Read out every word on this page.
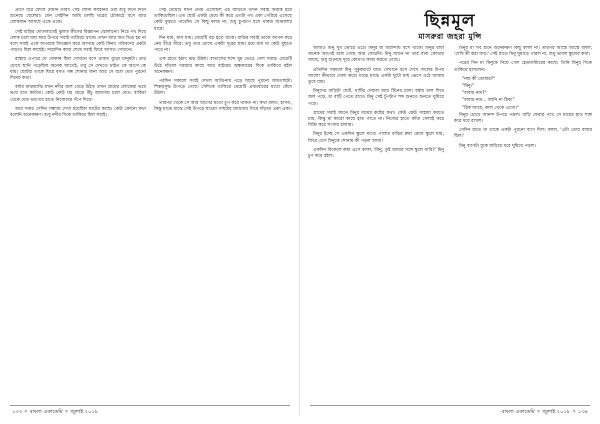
প্রাণে ধরে ফেলে দেয়নি তারা। সেই শোনা কাহিনির ওরা শুধু দিনে দিনে শুনেছে ছেলেরা। যেন সেইদিন আমি চলছি ঘরের চৌকাঠে বসে আর লোকজন আসছে একে একে।

সেই বাড়ির দোতলাতেই ঝুলত কীসের বিজ্ঞাপন ঝোলানো। নিচে পথ দিয়ে লোক চলে যায় আর উপরে সবাই তাকিয়ে থাকে। তখন আর অত ভিড় হয় না বলে সবাই একে অপরকে জিজ্ঞেস করে আসছে কেউ কিনা। গরিবদের একটা পাড়াও ছিল কাছেই। সারাদিন কাজ শেষে সবাই ফিরে আসত সেখানে।

রাস্তার ওপারে যে দোকান ছিল সেখানে বসে থাকত বুড়ো মানুষটা। তার চোখে ছানি পড়েছিল অনেক আগেই, তবু সে দেখতে চাইত কে আসে কে যায়। ছোটরা তাকে ঘিরে বসত গল্প শোনার জন্য আর সে বলে যেত পুরনো দিনের কথা।

বর্ষার মাঝামাঝি যখন নদীর জল বেড়ে উঠত তখন গ্রামের লোকেরা ভয়ে ভয়ে রাত কাটাত। কেউ কেউ ঘর ছেড়ে উঁচু জায়গায় চলে যেত। বাকিরা থেকে যেত ভাগ্যের হাতে নিজেদের সঁপে দিয়ে।

আর সবার সেদিন সন্ধ্যায় দেখা হয়েছিল ঘাটের কাছে। কেউ কোনো কথা বলেনি অনেকক্ষণ। শুধু নদীর দিকে তাকিয়ে ছিল সবাই।

সেই মেয়েটি যখন প্রথম এসেছিল এই বাড়িতে তখন সবাই অবাক হয়ে তাকিয়েছিল। এত ছোট একটা মেয়ে কী করে এতটা পথ একা পেরিয়ে এসেছে কেউ বুঝতে পারেনি। সে কিছু বলত না, শুধু চুপচাপ বসে থাকত জানালার ধারে।

দিন যায়, মাস যায়। মেয়েটি বড় হতে থাকে। বাড়ির সবাই তাকে আপন করে নেয় ধীরে ধীরে। তবু তার চোখে একটা দূরের ছায়া রয়ে যায় যা কেউ মুছতে পারে না।

এক রাতে হঠাৎ ঝড় উঠল। বাতাসের শব্দে ঘুম ভেঙে গেল সবার। মেয়েটি উঠে দাঁড়াল দরজার কাছে আর বাইরের অন্ধকারের দিকে তাকিয়ে রইল অনেকক্ষণ।

পরদিন সকালে সবাই দেখল আঙিনায় পড়ে আছে পুরনো আমগাছটা। শিকড়সুদ্ধ উপড়ে গেছে। সেদিকে তাকিয়ে মেয়েটি প্রথমবারের মতো কেঁদে উঠল।

তারপর থেকে সে আর আগের মতো চুপ করে থাকত না। কথা বলত, হাসত, কিন্তু মাঝে মাঝে সেই উপড়ে যাওয়া গাছটার জায়গায় গিয়ে দাঁড়াত একা একা।

১৩৩ ✧ বাংলা একাডেমি ✧ জুলাই ২০১৮
ছিন্নমূল
মাসরুরা জহরা মুন্সি

আজও মিনু খুব ভোরে ওঠে। মিনুর মা বারান্দায় বসে থাকে। মিনুর বাবা অনেক আগেই চলে গেছে আর ফেরেনি। মিনু জানে না তার বাবা কোথায় আছে, শুধু শুনেছে দূরে কোথাও কাজ করতে গেছে।

প্রতিদিন সকালে মিনু পুকুরঘাটে যায়। সেখানে বসে দেখে জলের উপর আলো কীভাবে খেলা করে। মাঝে মাঝে একটা দুটো মাছ ভেসে ওঠে আবার ডুবে যায়।

মিনুদের বাড়িটা ছোট, মাটির দেয়াল আর টিনের চাল। বর্ষায় চাল দিয়ে জল পড়ে, মা বাটি পেতে রাখে। মিনু সেই টুপটাপ শব্দ শুনতে শুনতে ঘুমিয়ে পড়ে।

গ্রামের সবাই জানে মিনুর মায়ের কষ্টের কথা। কেউ কেউ সাহায্য করতে চায়, কিন্তু মা কারো কাছে হাত পাতে না। নিজের হাতে কাঁথা সেলাই করে বিক্রি করে সংসার চালায়।

মিনুর ইচ্ছে সে একদিন স্কুলে যাবে। পাশের বাড়ির রুমা রোজ স্কুলে যায়, ফিরে এসে মিনুকে শোনায় কী পড়ল আজ।

একদিন বিকেলে রুমা এসে বলল, 'মিনু, তুই আমার সঙ্গে স্কুলে যাবি?' মিনু চুপ করে রইল।

মিনুর মা সব শুনে অনেকক্ষণ কিছু বলল না। তারপর আস্তে আস্তে বলল, 'দেখি কী করা যায়।' সেই রাতে মিনু ঘুমাতে পারল না, শুধু ভাবল স্কুলের কথা।

পরের দিন মা মিনুকে নিয়ে গেল হেডমাস্টারের কাছে। তিনি মিনুর দিকে তাকিয়ে হাসলেন।

"নাম কী তোমার?"

"মিনু।"

"বাবার নাম?"

"বাবার নাম... জানি না ঠিক।"

"ঠিক আছে, কাল থেকে এসো।"

মিনুর চোখে আনন্দ উপচে পড়ল। বাড়ি ফেরার পথে সে মায়ের হাত শক্ত করে ধরে রাখল।

সেদিন রাতে মা তাকে একটা পুরনো ব্যাগ দিল। বলল, 'এটা তোর বাবার ছিল।'

মিনু ব্যাগটা বুকে জড়িয়ে ধরে ঘুমিয়ে পড়ল।

বাংলা একাডেমি ✧ জুলাই ২০১৮ ✧ ১৩৪
